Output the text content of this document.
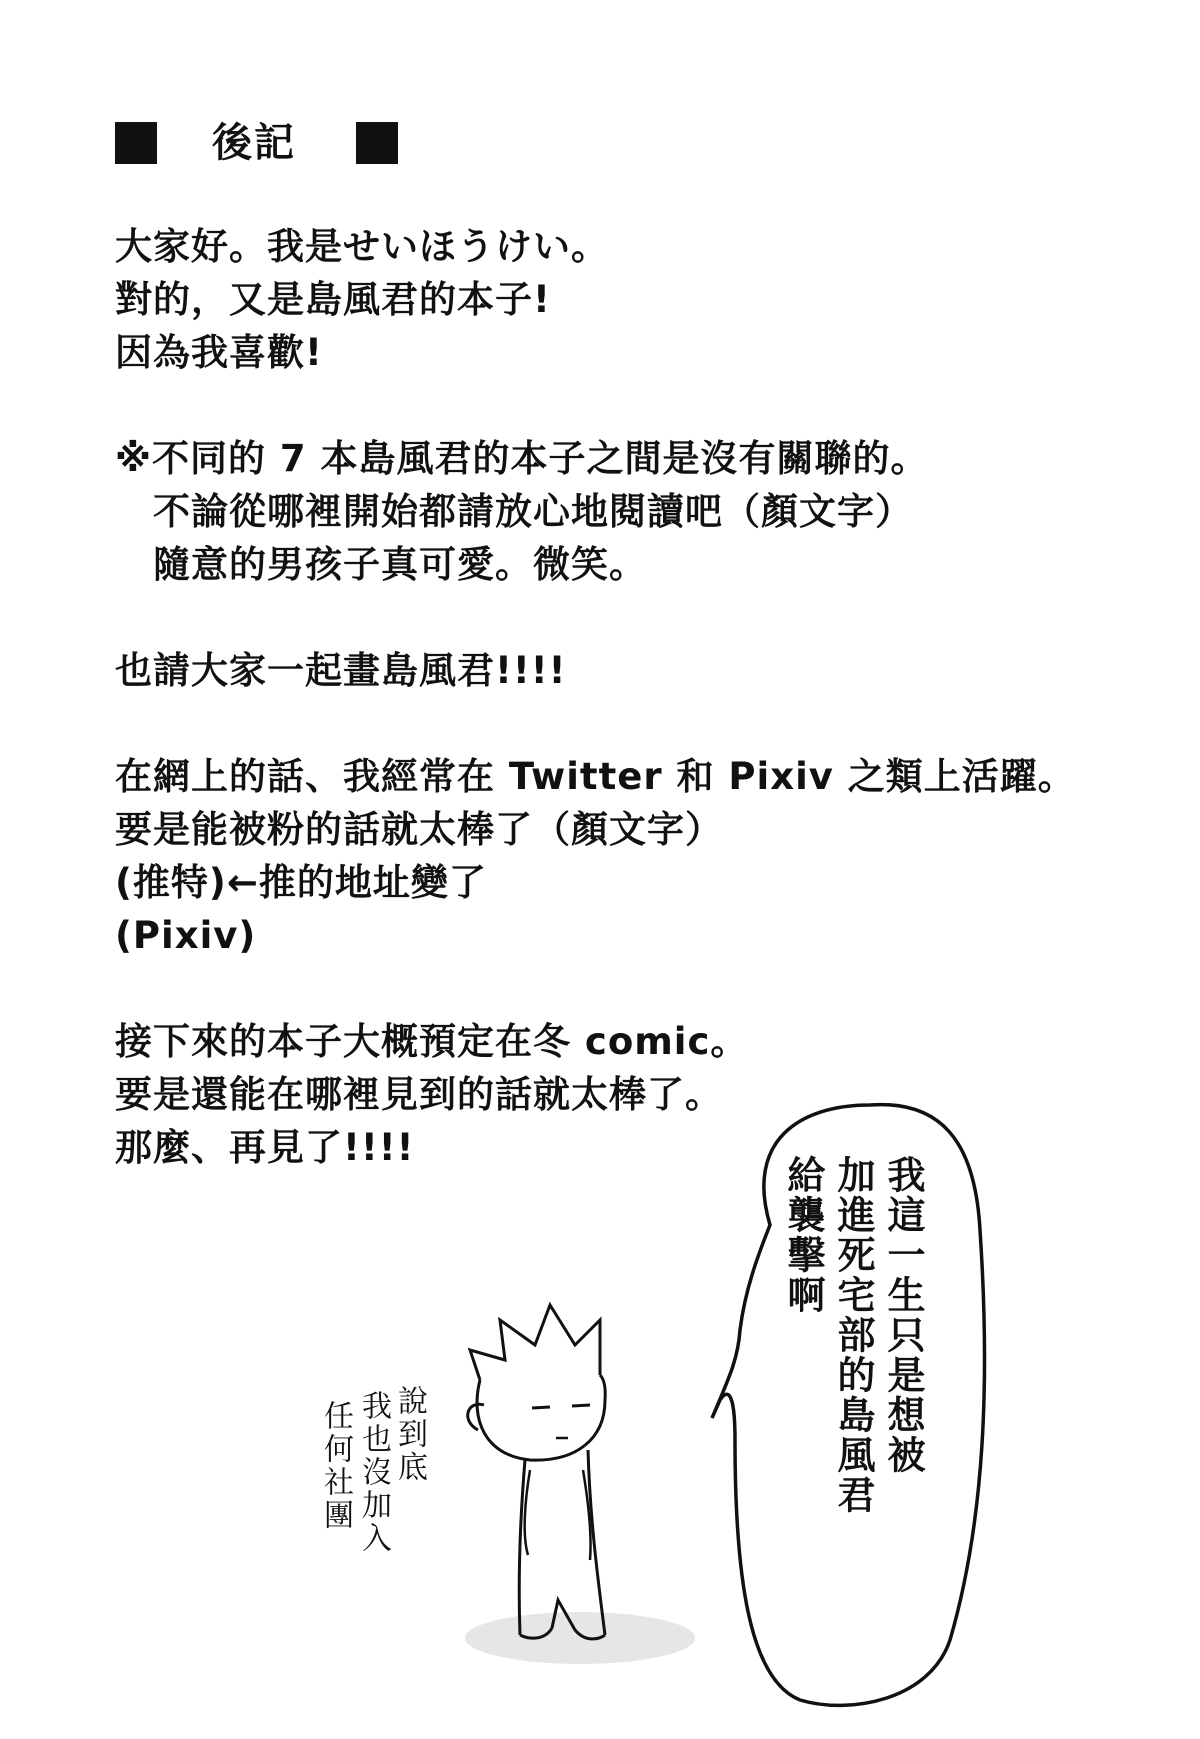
後記
大家好。我是せいほうけい。
對的，又是島風君的本子!
因為我喜歡!
※不同的 7 本島風君的本子之間是沒有關聯的。
不論從哪裡開始都請放心地閱讀吧（顏文字）
隨意的男孩子真可愛。微笑。
也請大家一起畫島風君!!!!
在網上的話、我經常在 Twitter 和 Pixiv 之類上活躍。
要是能被粉的話就太棒了（顏文字）
(推特)←推的地址變了
(Pixiv)
接下來的本子大概預定在冬 comic。
要是還能在哪裡見到的話就太棒了。
那麼、再見了!!!!
我這一生只是想被
加進死宅部的島風君
給襲擊啊
說到底
我也沒加入
任何社團
